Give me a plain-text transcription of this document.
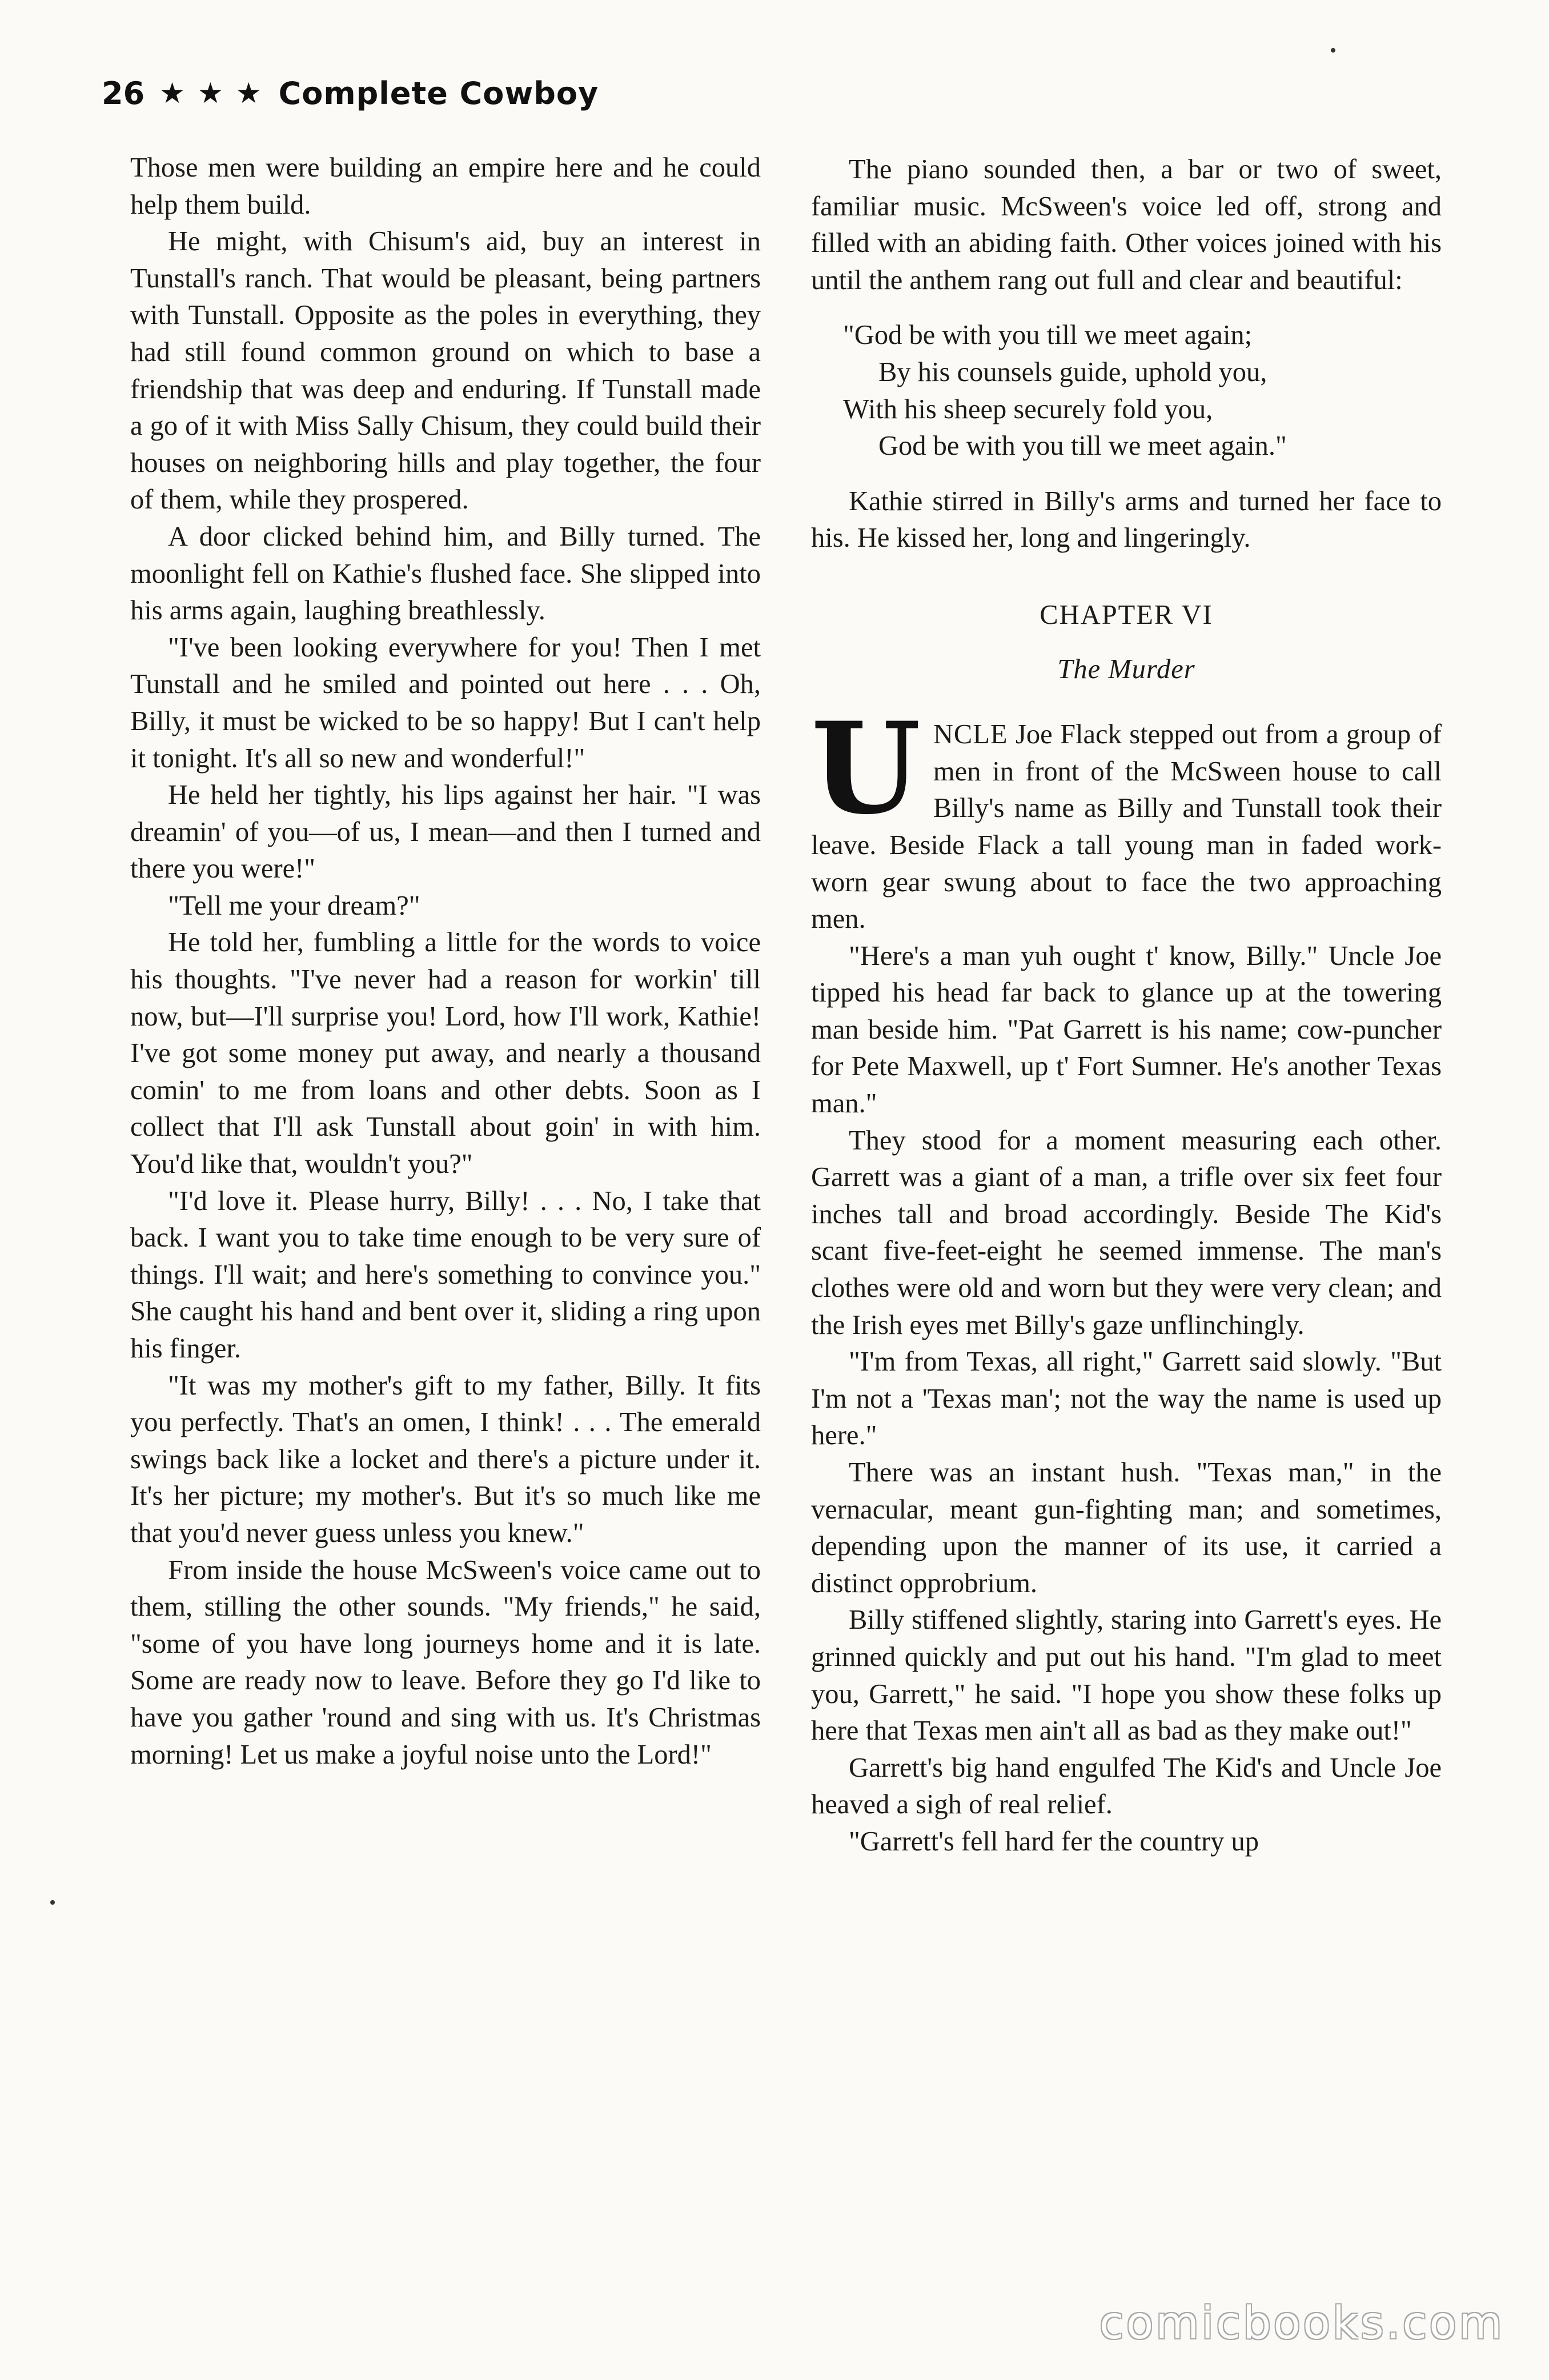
26 ★ ★ ★ Complete Cowboy

Those men were building an empire here and he could help them build.

He might, with Chisum's aid, buy an interest in Tunstall's ranch. That would be pleasant, being partners with Tunstall. Opposite as the poles in everything, they had still found common ground on which to base a friendship that was deep and enduring. If Tunstall made a go of it with Miss Sally Chisum, they could build their houses on neighboring hills and play together, the four of them, while they prospered.

A door clicked behind him, and Billy turned. The moonlight fell on Kathie's flushed face. She slipped into his arms again, laughing breathlessly.

"I've been looking everywhere for you! Then I met Tunstall and he smiled and pointed out here . . . Oh, Billy, it must be wicked to be so happy! But I can't help it tonight. It's all so new and wonderful!"

He held her tightly, his lips against her hair. "I was dreamin' of you—of us, I mean—and then I turned and there you were!"

"Tell me your dream?"

He told her, fumbling a little for the words to voice his thoughts. "I've never had a reason for workin' till now, but—I'll surprise you! Lord, how I'll work, Kathie! I've got some money put away, and nearly a thousand comin' to me from loans and other debts. Soon as I collect that I'll ask Tunstall about goin' in with him. You'd like that, wouldn't you?"

"I'd love it. Please hurry, Billy! . . . No, I take that back. I want you to take time enough to be very sure of things. I'll wait; and here's something to convince you." She caught his hand and bent over it, sliding a ring upon his finger.

"It was my mother's gift to my father, Billy. It fits you perfectly. That's an omen, I think! . . . The emerald swings back like a locket and there's a picture under it. It's her picture; my mother's. But it's so much like me that you'd never guess unless you knew."

From inside the house McSween's voice came out to them, stilling the other sounds. "My friends," he said, "some of you have long journeys home and it is late. Some are ready now to leave. Before they go I'd like to have you gather 'round and sing with us. It's Christmas morning! Let us make a joyful noise unto the Lord!"

The piano sounded then, a bar or two of sweet, familiar music. McSween's voice led off, strong and filled with an abiding faith. Other voices joined with his until the anthem rang out full and clear and beautiful:

"God be with you till we meet again;
By his counsels guide, uphold you,
With his sheep securely fold you,
God be with you till we meet again."

Kathie stirred in Billy's arms and turned her face to his. He kissed her, long and lingeringly.

CHAPTER VI
The Murder

UNCLE Joe Flack stepped out from a group of men in front of the McSween house to call Billy's name as Billy and Tunstall took their leave. Beside Flack a tall young man in faded work-worn gear swung about to face the two approaching men.

"Here's a man yuh ought t' know, Billy." Uncle Joe tipped his head far back to glance up at the towering man beside him. "Pat Garrett is his name; cow-puncher for Pete Maxwell, up t' Fort Sumner. He's another Texas man."

They stood for a moment measuring each other. Garrett was a giant of a man, a trifle over six feet four inches tall and broad accordingly. Beside The Kid's scant five-feet-eight he seemed immense. The man's clothes were old and worn but they were very clean; and the Irish eyes met Billy's gaze unflinchingly.

"I'm from Texas, all right," Garrett said slowly. "But I'm not a 'Texas man'; not the way the name is used up here."

There was an instant hush. "Texas man," in the vernacular, meant gun-fighting man; and sometimes, depending upon the manner of its use, it carried a distinct opprobrium.

Billy stiffened slightly, staring into Garrett's eyes. He grinned quickly and put out his hand. "I'm glad to meet you, Garrett," he said. "I hope you show these folks up here that Texas men ain't all as bad as they make out!"

Garrett's big hand engulfed The Kid's and Uncle Joe heaved a sigh of real relief.

"Garrett's fell hard fer the country up

comicbooks.com
